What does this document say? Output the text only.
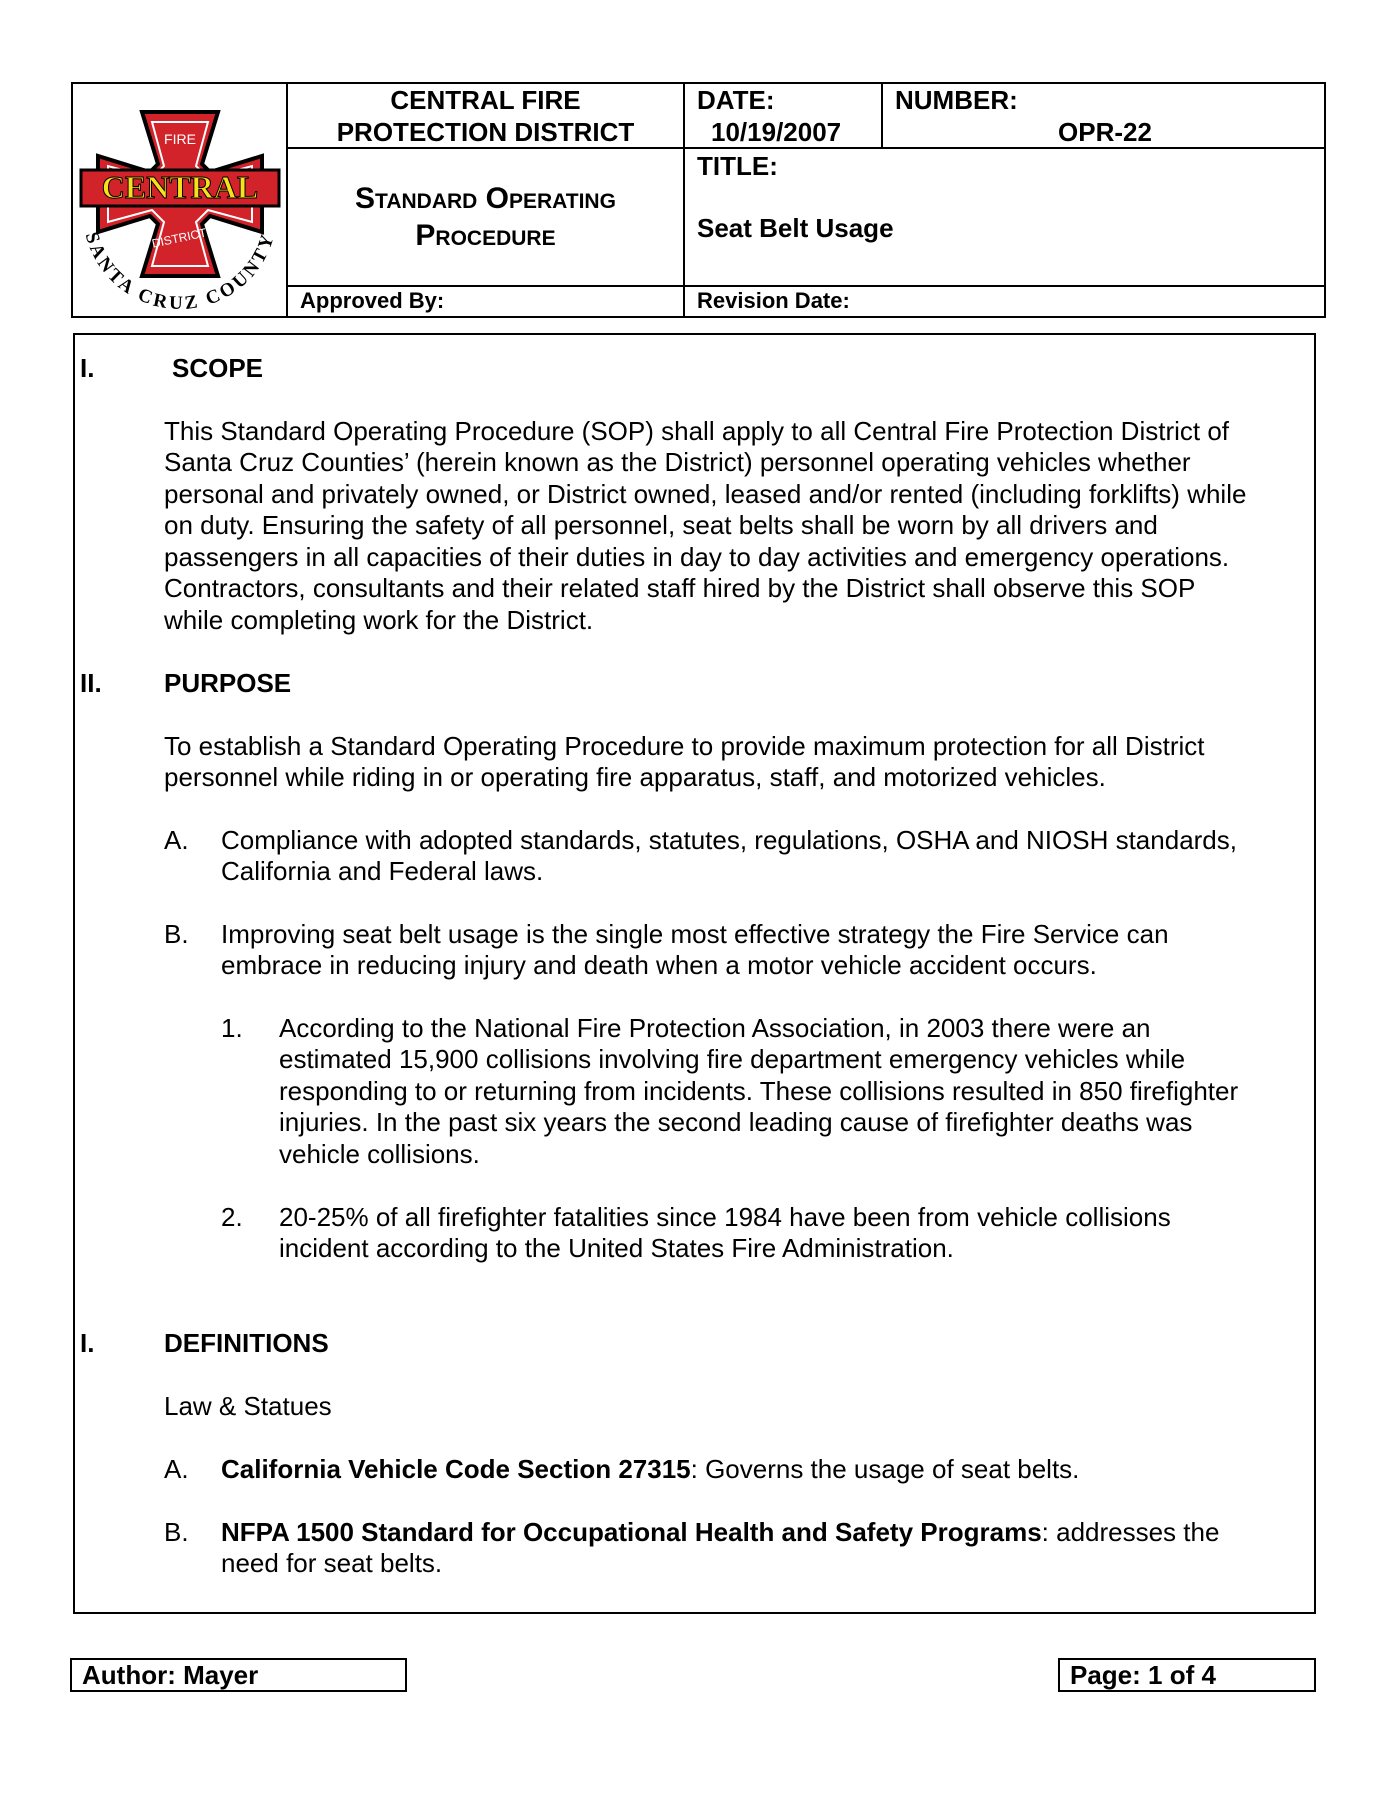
FIRE
CENTRAL
DISTRICT
SANTA CRUZ COUNTY
CENTRAL FIRE
PROTECTION DISTRICT
Standard Operating
Procedure
DATE:
10/19/2007
NUMBER:
OPR-22
TITLE:
Seat Belt Usage
Approved By:	Revision Date:
I.	SCOPE
This Standard Operating Procedure (SOP) shall apply to all Central Fire Protection District of
Santa Cruz Counties’ (herein known as the District) personnel operating vehicles whether
personal and privately owned, or District owned, leased and/or rented (including forklifts) while
on duty. Ensuring the safety of all personnel, seat belts shall be worn by all drivers and
passengers in all capacities of their duties in day to day activities and emergency operations.
Contractors, consultants and their related staff hired by the District shall observe this SOP
while completing work for the District.
II. PURPOSE
To establish a Standard Operating Procedure to provide maximum protection for all District
personnel while riding in or operating fire apparatus, staff, and motorized vehicles.
A. Compliance with adopted standards, statutes, regulations, OSHA and NIOSH standards,
California and Federal laws.
B. Improving seat belt usage is the single most effective strategy the Fire Service can
embrace in reducing injury and death when a motor vehicle accident occurs.
1. According to the National Fire Protection Association, in 2003 there were an
estimated 15,900 collisions involving fire department emergency vehicles while
responding to or returning from incidents. These collisions resulted in 850 firefighter
injuries. In the past six years the second leading cause of firefighter deaths was
vehicle collisions.
2. 20-25% of all firefighter fatalities since 1984 have been from vehicle collisions
incident according to the United States Fire Administration.
I.	DEFINITIONS
Law & Statues
A. California Vehicle Code Section 27315: Governs the usage of seat belts.
B. NFPA 1500 Standard for Occupational Health and Safety Programs: addresses the
need for seat belts.
Author: Mayer	Page: 1 of 4
